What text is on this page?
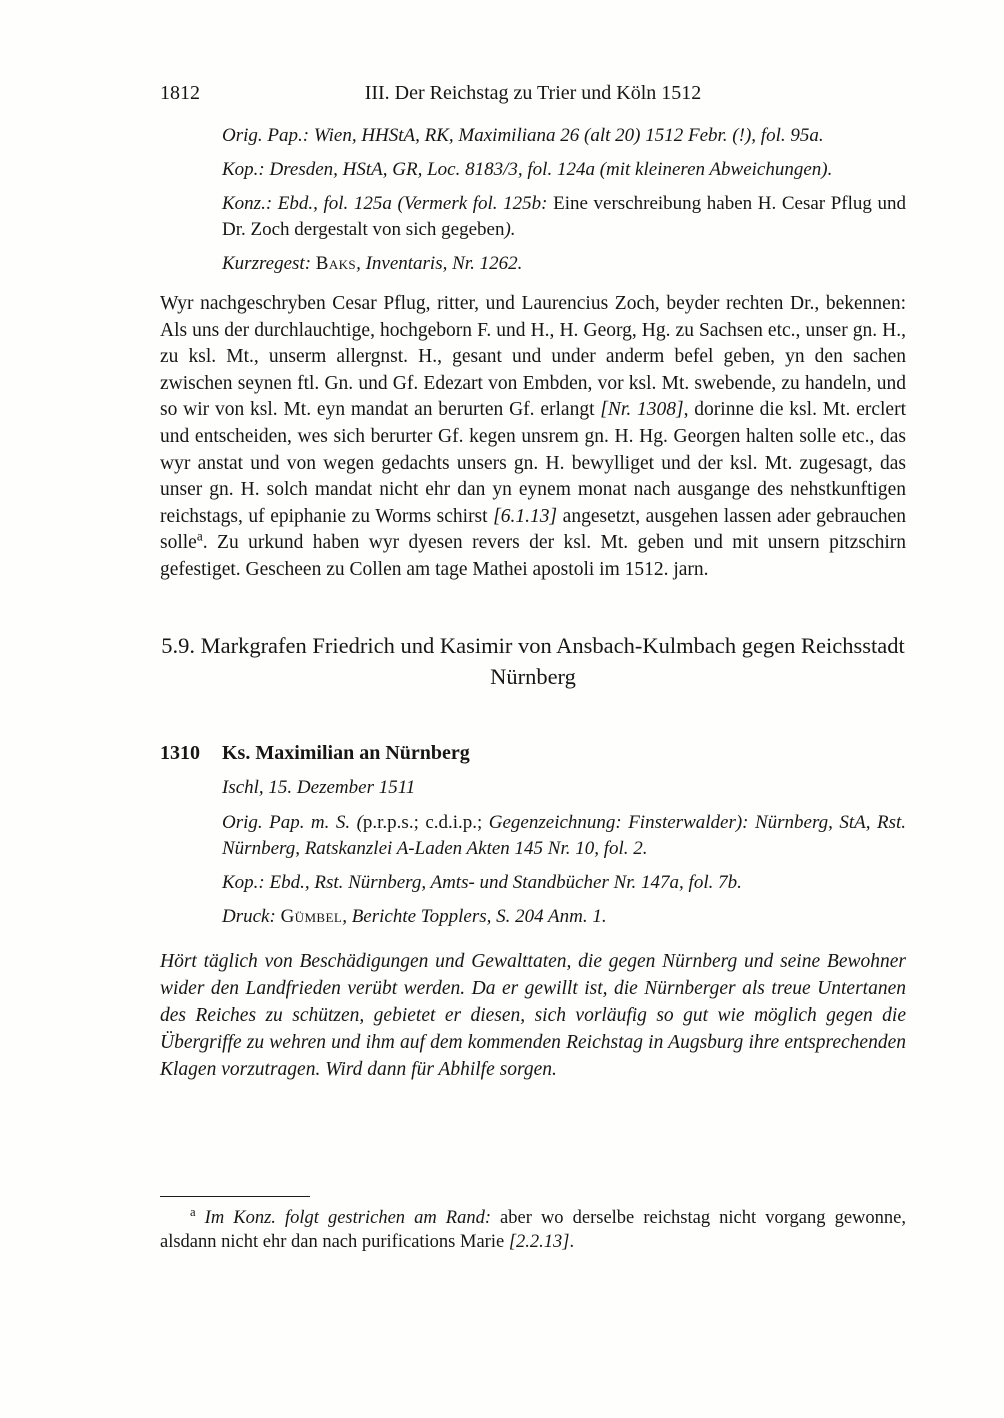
1812	III. Der Reichstag zu Trier und Köln 1512

Orig. Pap.: Wien, HHStA, RK, Maximiliana 26 (alt 20) 1512 Febr. (!), fol. 95a.

Kop.: Dresden, HStA, GR, Loc. 8183/3, fol. 124a (mit kleineren Abweichungen).

Konz.: Ebd., fol. 125a (Vermerk fol. 125b: Eine verschreibung haben H. Cesar Pflug und Dr. Zoch dergestalt von sich gegeben).

Kurzregest: Baks, Inventaris, Nr. 1262.

Wyr nachgeschryben Cesar Pflug, ritter, und Laurencius Zoch, beyder rechten Dr., bekennen: Als uns der durchlauchtige, hochgeborn F. und H., H. Georg, Hg. zu Sachsen etc., unser gn. H., zu ksl. Mt., unserm allergnst. H., gesant und under anderm befel geben, yn den sachen zwischen seynen ftl. Gn. und Gf. Edezart von Embden, vor ksl. Mt. swebende, zu handeln, und so wir von ksl. Mt. eyn mandat an berurten Gf. erlangt [Nr. 1308], dorinne die ksl. Mt. erclert und entscheiden, wes sich berurter Gf. kegen unsrem gn. H. Hg. Georgen halten solle etc., das wyr anstat und von wegen gedachts unsers gn. H. bewylliget und der ksl. Mt. zugesagt, das unser gn. H. solch mandat nicht ehr dan yn eynem monat nach ausgange des nehstkunftigen reichstags, uf epiphanie zu Worms schirst [6.1.13] angesetzt, ausgehen lassen ader gebrauchen solle$^a$. Zu urkund haben wyr dyesen revers der ksl. Mt. geben und mit unsern pitzschirn gefestiget. Gescheen zu Collen am tage Mathei apostoli im 1512. jarn.

5.9. Markgrafen Friedrich und Kasimir von Ansbach-Kulmbach gegen Reichsstadt Nürnberg
1310	Ks. Maximilian an Nürnberg

Ischl, 15. Dezember 1511

Orig. Pap. m. S. (p.r.p.s.; c.d.i.p.; Gegenzeichnung: Finsterwalder): Nürnberg, StA, Rst. Nürnberg, Ratskanzlei A-Laden Akten 145 Nr. 10, fol. 2.

Kop.: Ebd., Rst. Nürnberg, Amts- und Standbücher Nr. 147a, fol. 7b.

Druck: Gümbel, Berichte Topplers, S. 204 Anm. 1.

Hört täglich von Beschädigungen und Gewalttaten, die gegen Nürnberg und seine Bewohner wider den Landfrieden verübt werden. Da er gewillt ist, die Nürnberger als treue Untertanen des Reiches zu schützen, gebietet er diesen, sich vorläufig so gut wie möglich gegen die Übergriffe zu wehren und ihm auf dem kommenden Reichstag in Augsburg ihre entsprechenden Klagen vorzutragen. Wird dann für Abhilfe sorgen.

$^a$ Im Konz. folgt gestrichen am Rand: aber wo derselbe reichstag nicht vorgang gewonne, alsdann nicht ehr dan nach purifications Marie [2.2.13].
